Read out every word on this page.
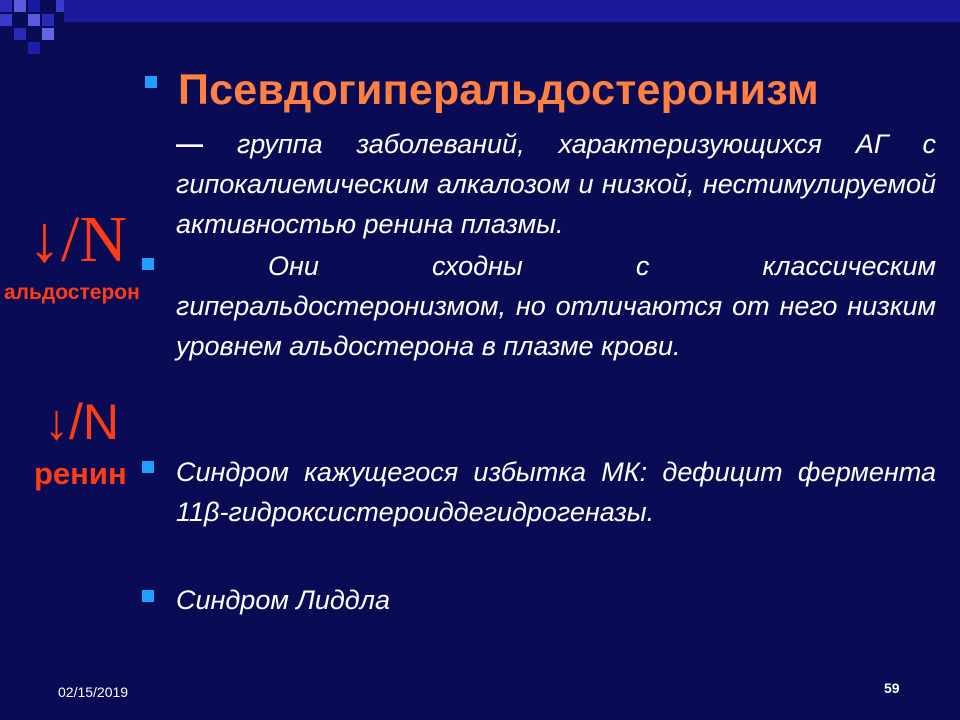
Псевдогиперальдостеронизм
— группа заболеваний, характеризующихся АГ с гипокалиемическим алкалозом и низкой, нестимулируемой активностью ренина плазмы.
Они сходны с классическим гиперальдостеронизмом, но отличаются от него низким уровнем альдостерона в плазме крови.
Синдром кажущегося избытка МК: дефицит фермента 11β-гидроксистероиддегидрогеназы.
Синдром Лиддла
↓/N
альдостерон
↓/N
ренин
02/15/2019	59
